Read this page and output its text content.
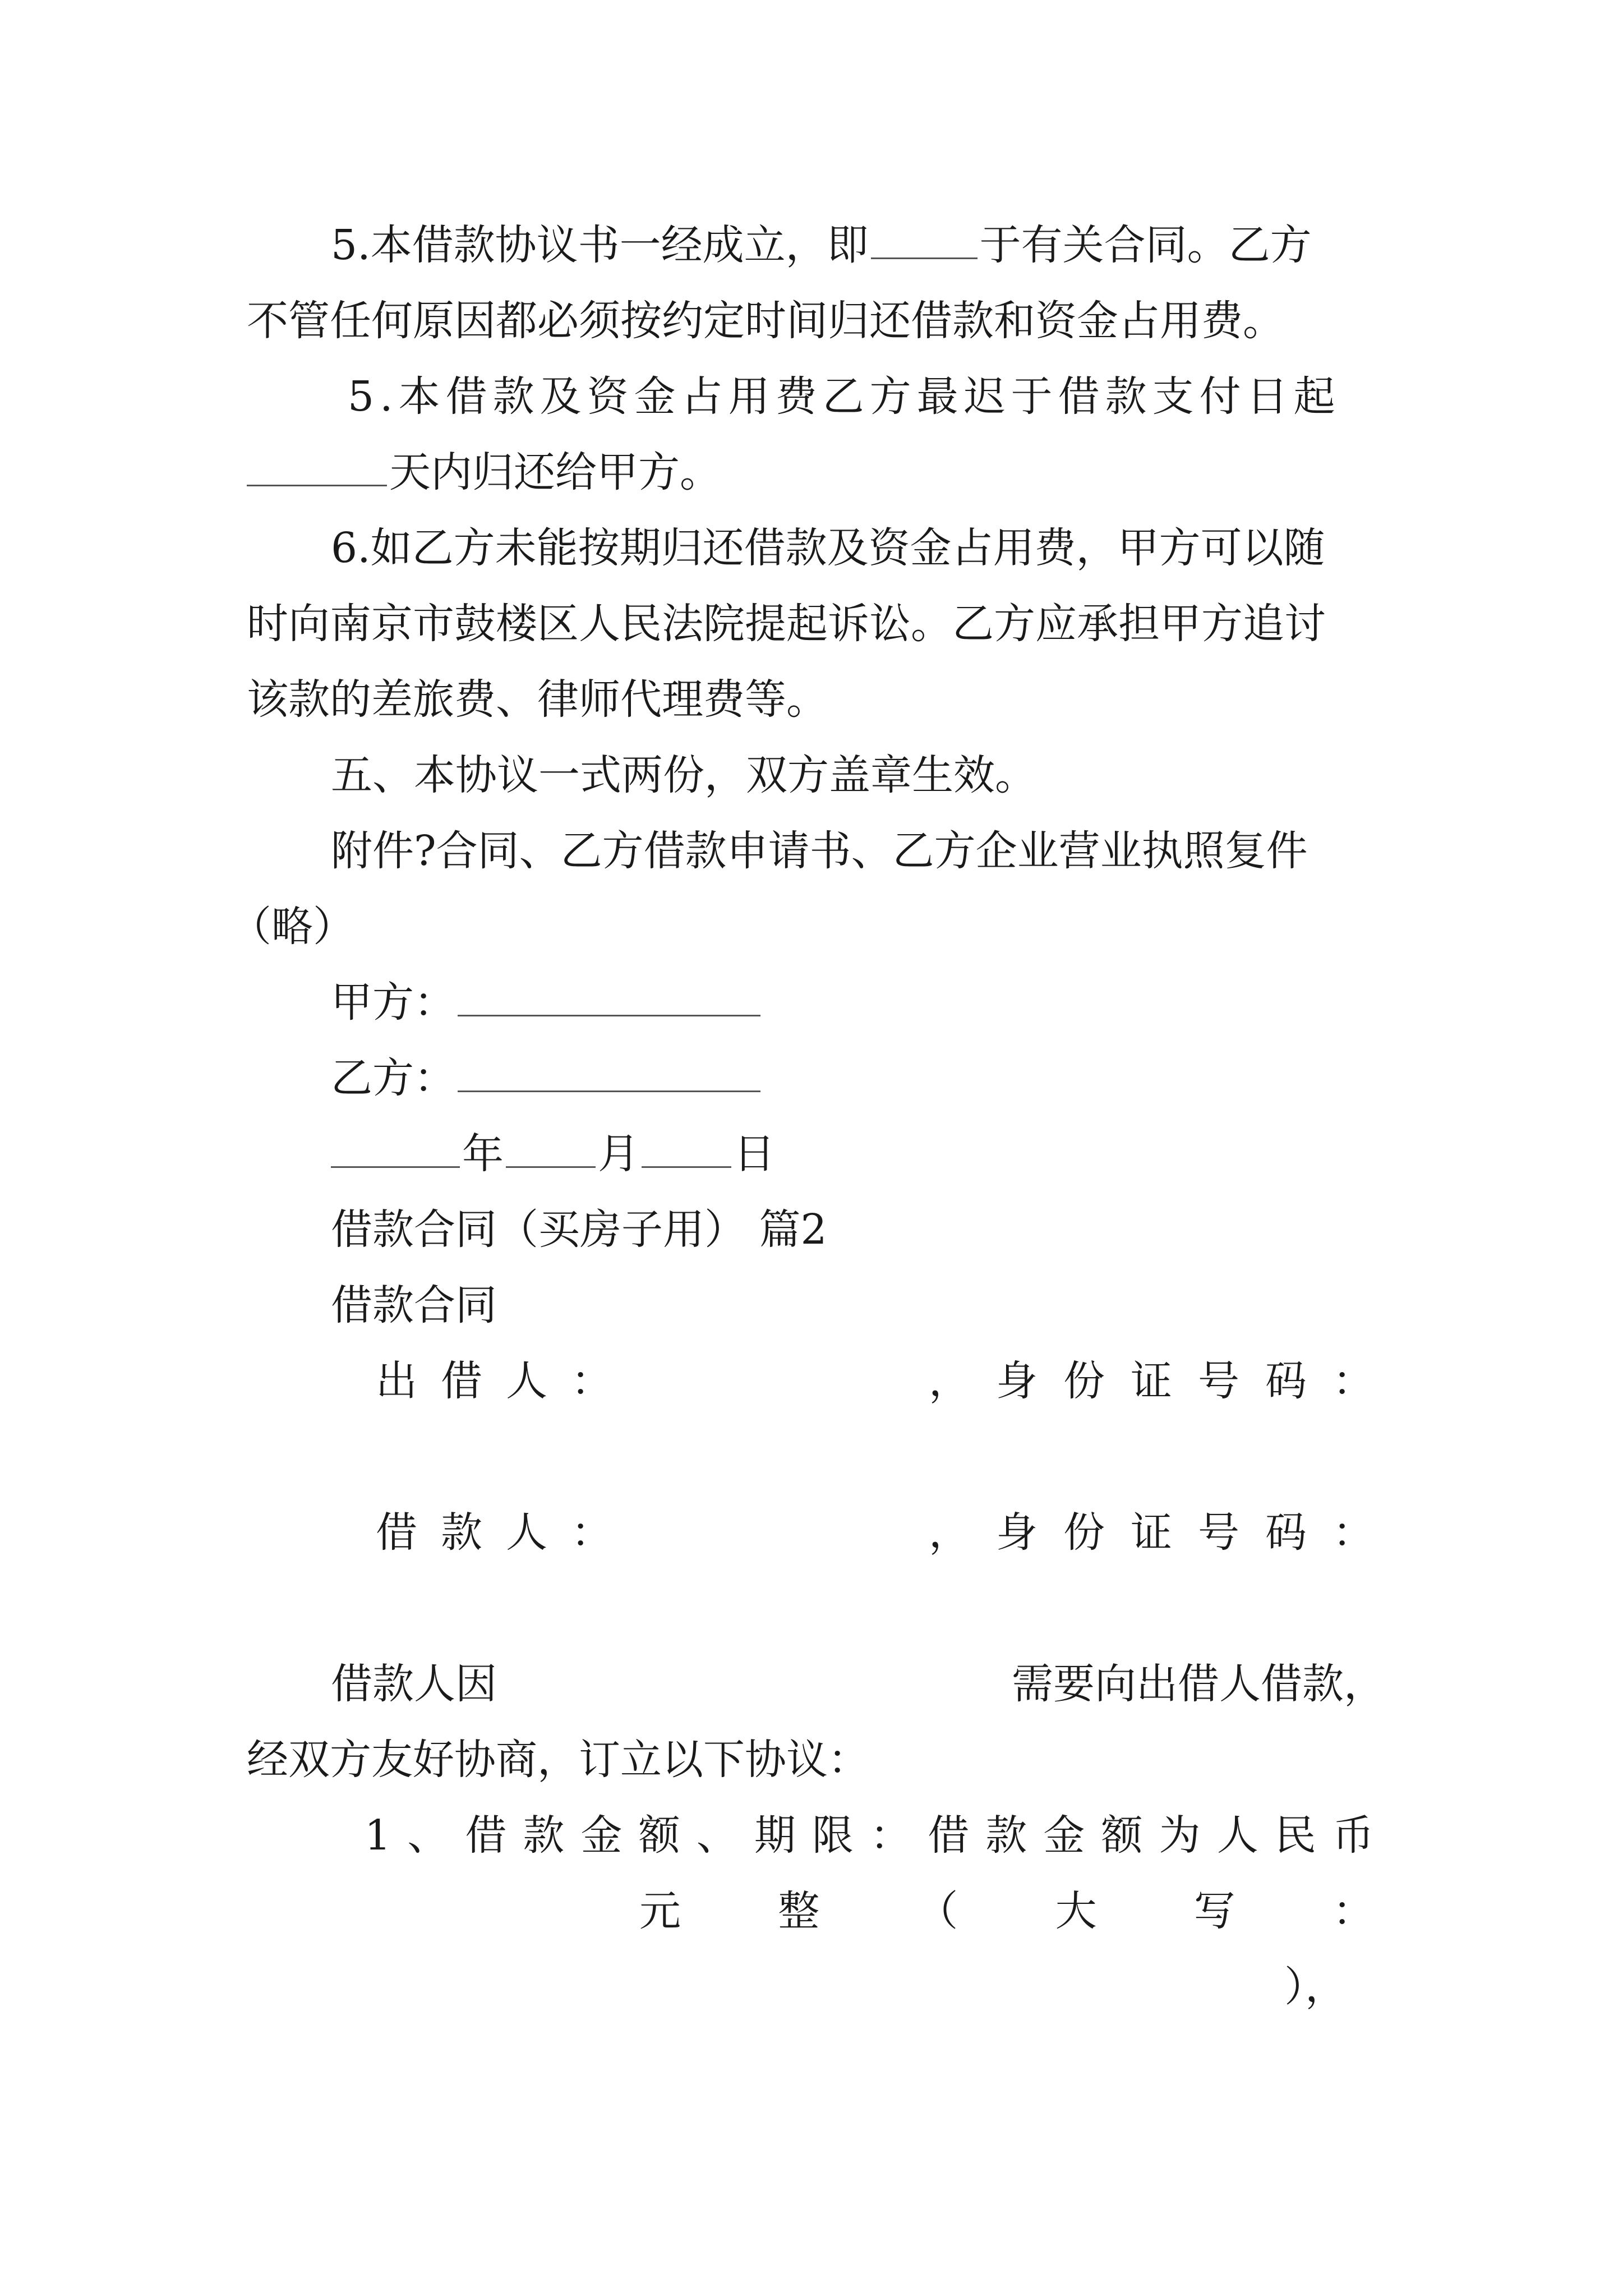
5.本借款协议书一经成立，即	于有关合同。乙方
不管任何原因都必须按约定时间归还借款和资金占用费。
5.本借款及资金占用费乙方最迟于借款支付日起
天内归还给甲方。
6.如乙方未能按期归还借款及资金占用费，甲方可以随
时向南京市鼓楼区人民法院提起诉讼。乙方应承担甲方追讨
该款的差旅费、律师代理费等。
五、本协议一式两份，双方盖章生效。
附件?合同、乙方借款申请书、乙方企业营业执照复件
（略）
甲方：
乙方：
年 月 日
借款合同（买房子用） 篇2
借款合同
出 借 人 ：	， 身 份 证 号 码 ：
借 款 人 ：	， 身 份 证 号 码 ：
借款人因	需要向出借人借款，
经双方友好协商，订立以下协议：
1 、 借 款 金 额 、 期 限 ： 借 款 金 额 为 人 民 币
元 整 （ 大 写 ：
），
